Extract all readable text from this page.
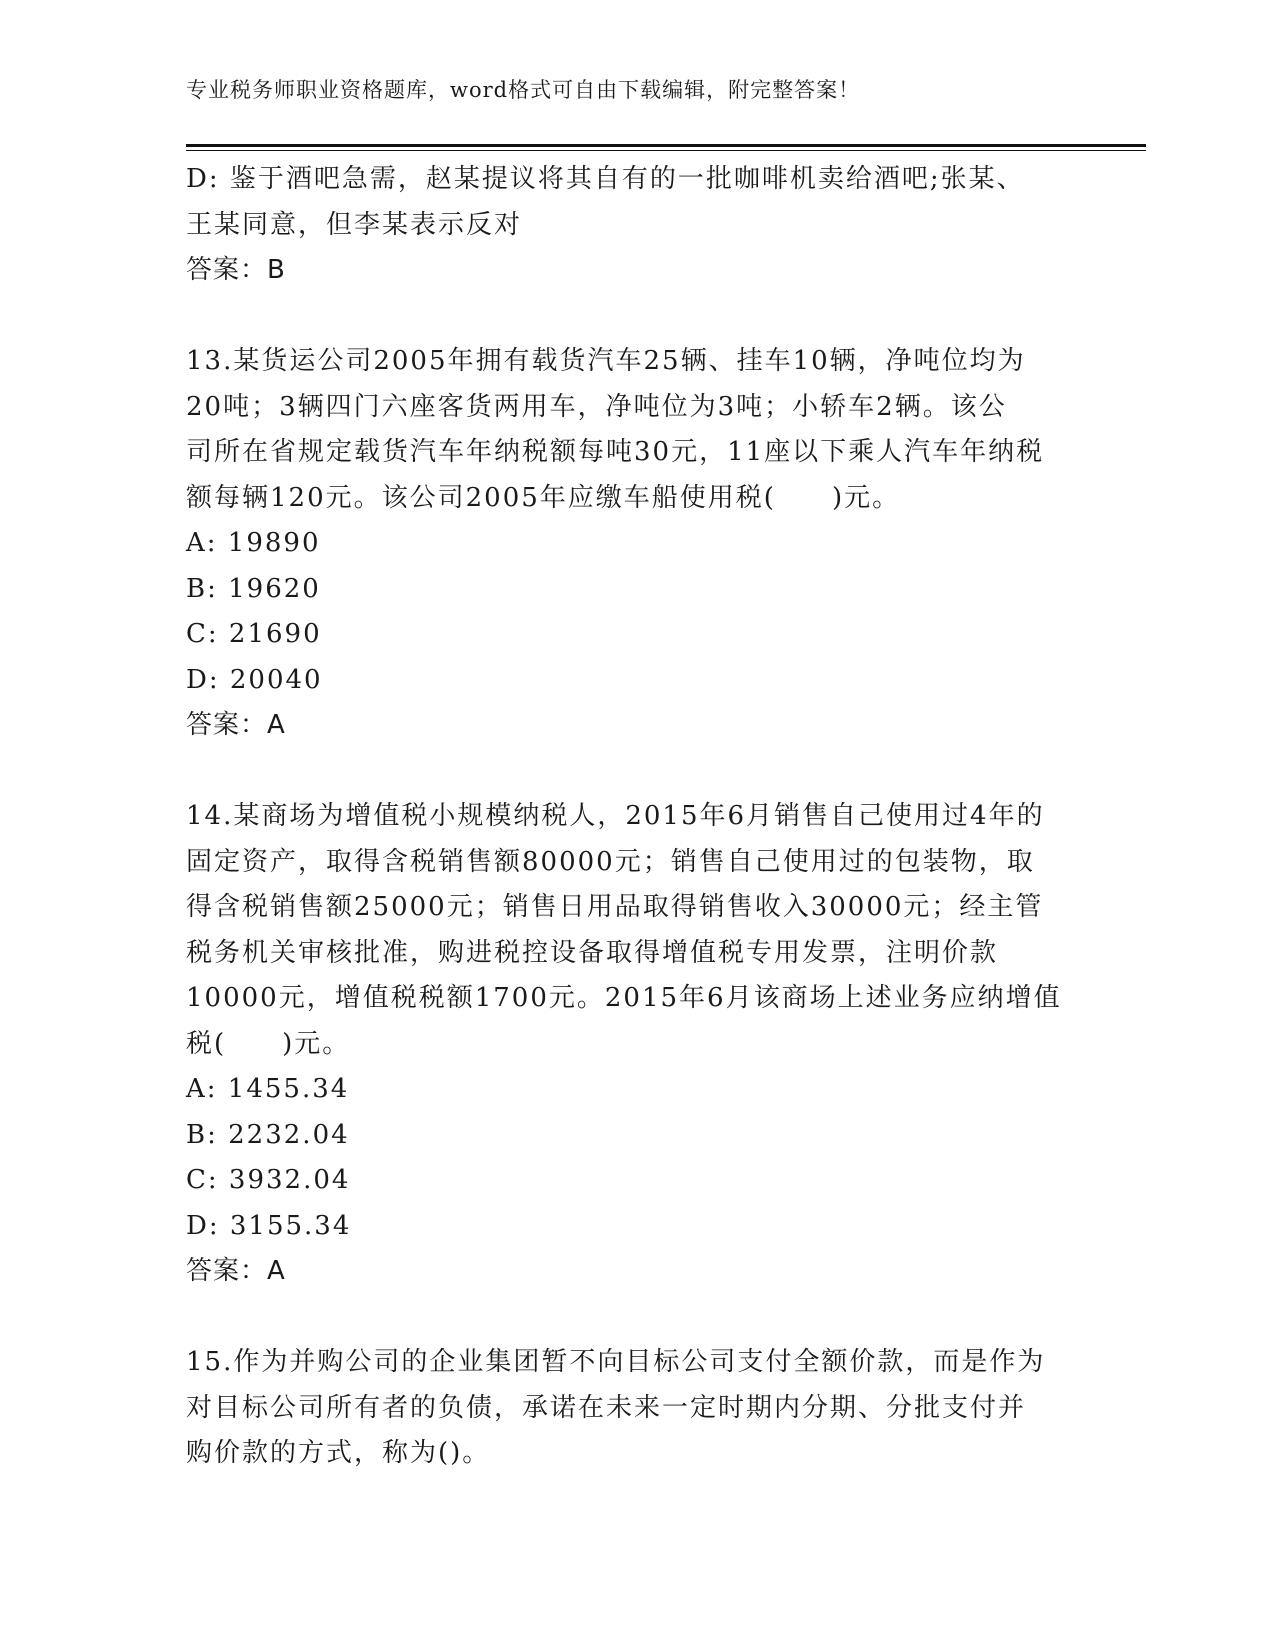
专业税务师职业资格题库，word格式可自由下载编辑，附完整答案！

D: 鉴于酒吧急需，赵某提议将其自有的一批咖啡机卖给酒吧;张某、

王某同意，但李某表示反对

答案：B

13.某货运公司2005年拥有载货汽车25辆、挂车10辆，净吨位均为

20吨；3辆四门六座客货两用车，净吨位为3吨；小轿车2辆。该公

司所在省规定载货汽车年纳税额每吨30元，11座以下乘人汽车年纳税

额每辆120元。该公司2005年应缴车船使用税(　　)元。

A: 19890

B: 19620

C: 21690

D: 20040

答案：A

14.某商场为增值税小规模纳税人，2015年6月销售自己使用过4年的

固定资产，取得含税销售额80000元；销售自己使用过的包装物，取

得含税销售额25000元；销售日用品取得销售收入30000元；经主管

税务机关审核批准，购进税控设备取得增值税专用发票，注明价款

10000元，增值税税额1700元。2015年6月该商场上述业务应纳增值

税(　　)元。

A: 1455.34

B: 2232.04

C: 3932.04

D: 3155.34

答案：A

15.作为并购公司的企业集团暂不向目标公司支付全额价款，而是作为

对目标公司所有者的负债，承诺在未来一定时期内分期、分批支付并

购价款的方式，称为()。
